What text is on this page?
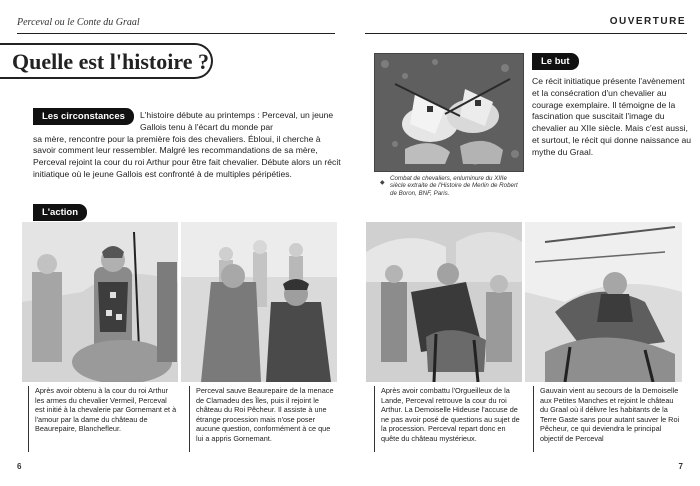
Perceval ou le Conte du Graal	OUVERTURE
Quelle est l'histoire ?
Les circonstances	L'histoire débute au printemps : Perceval, un jeune Gallois tenu à l'écart du monde par
sa mère, rencontre pour la première fois des chevaliers. Ébloui, il cherche à savoir comment leur ressembler. Malgré les recommandations de sa mère, Perceval rejoint la cour du roi Arthur pour être fait chevalier. Débute alors un récit initiatique où le jeune Gallois est confronté à de multiples péripéties.
◆
Combat de chevaliers, enluminure du XIIIe siècle extraite de l'Histoire de Merlin de Robert de Boron, BNF, Paris.
Le but
Ce récit initiatique présente l'avènement et la consécration d'un chevalier au courage exemplaire. Il témoigne de la fascination que suscitait l'image du chevalier au XIIe siècle. Mais c'est aussi, et surtout, le récit qui donne naissance au mythe du Graal.
L'action
Après avoir obtenu à la cour du roi Arthur les armes du chevalier Vermeil, Perceval est initié à la chevalerie par Gornemant et à l'amour par la dame du château de Beaurepaire, Blanchefleur.
Perceval sauve Beaurepaire de la menace de Clamadeu des Îles, puis il rejoint le château du Roi Pêcheur. Il assiste à une étrange procession mais n'ose poser aucune question, conformément à ce que lui a appris Gornemant.
Après avoir combattu l'Orgueilleux de la Lande, Perceval retrouve la cour du roi Arthur. La Demoiselle Hideuse l'accuse de ne pas avoir posé de questions au sujet de la procession. Perceval repart donc en quête du château mystérieux.
Gauvain vient au secours de la Demoiselle aux Petites Manches et rejoint le château du Graal où il délivre les habitants de la Terre Gaste sans pour autant sauver le Roi Pêcheur, ce qui deviendra le principal objectif de Perceval
6	7
